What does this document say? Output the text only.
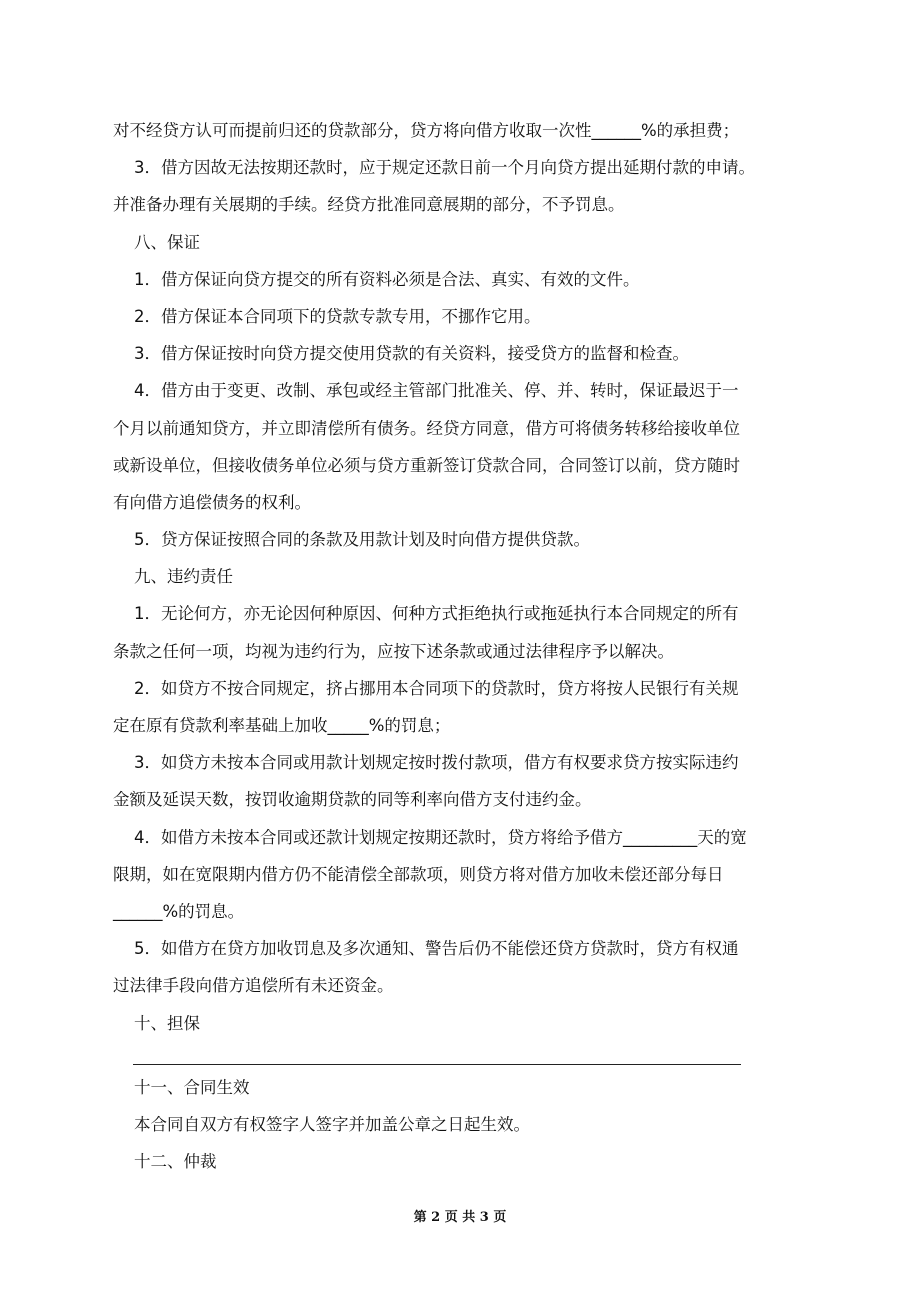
对不经贷方认可而提前归还的贷款部分，贷方将向借方收取一次性______%的承担费；
3．借方因故无法按期还款时，应于规定还款日前一个月向贷方提出延期付款的申请。
并准备办理有关展期的手续。经贷方批准同意展期的部分，不予罚息。
八、保证
1．借方保证向贷方提交的所有资料必须是合法、真实、有效的文件。
2．借方保证本合同项下的贷款专款专用，不挪作它用。
3．借方保证按时向贷方提交使用贷款的有关资料，接受贷方的监督和检查。
4．借方由于变更、改制、承包或经主管部门批准关、停、并、转时，保证最迟于一
个月以前通知贷方，并立即清偿所有债务。经贷方同意，借方可将债务转移给接收单位
或新设单位，但接收债务单位必须与贷方重新签订贷款合同，合同签订以前，贷方随时
有向借方追偿债务的权利。
5．贷方保证按照合同的条款及用款计划及时向借方提供贷款。
九、违约责任
1．无论何方，亦无论因何种原因、何种方式拒绝执行或拖延执行本合同规定的所有
条款之任何一项，均视为违约行为，应按下述条款或通过法律程序予以解决。
2．如贷方不按合同规定，挤占挪用本合同项下的贷款时，贷方将按人民银行有关规
定在原有贷款利率基础上加收_____%的罚息；
3．如贷方未按本合同或用款计划规定按时拨付款项，借方有权要求贷方按实际违约
金额及延误天数，按罚收逾期贷款的同等利率向借方支付违约金。
4．如借方未按本合同或还款计划规定按期还款时，贷方将给予借方_________天的宽
限期，如在宽限期内借方仍不能清偿全部款项，则贷方将对借方加收未偿还部分每日
______%的罚息。
5．如借方在贷方加收罚息及多次通知、警告后仍不能偿还贷方贷款时，贷方有权通
过法律手段向借方追偿所有未还资金。
十、担保
十一、合同生效
本合同自双方有权签字人签字并加盖公章之日起生效。
十二、仲裁
第 2 页 共 3 页
